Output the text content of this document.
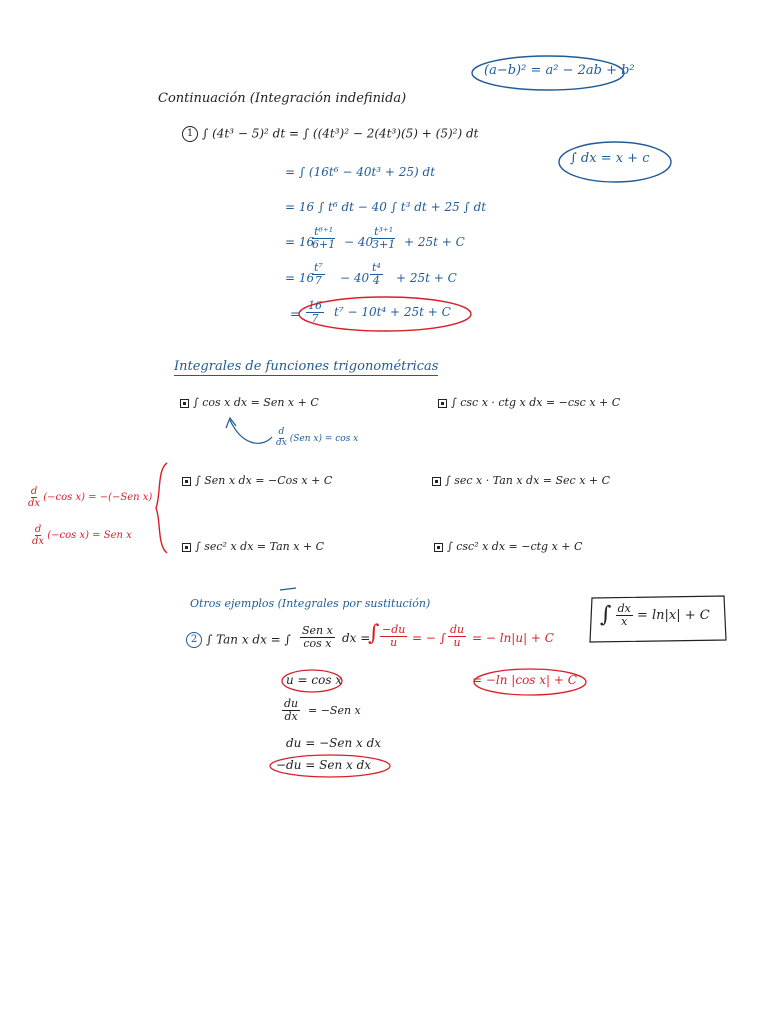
(a−b)² = a² − 2ab + b²
Continuación (Integración indefinida)
∫ dx = x + c
1 ∫ (4t³ − 5)² dt = ∫ ((4t³)² − 2(4t³)(5) + (5)²) dt
= ∫ (16t⁶ − 40t³ + 25) dt
= 16 ∫ t⁶ dt − 40 ∫ t³ dt + 25 ∫ dt
= 16
$\frac{\text{t⁶⁺¹}}{6+1} - 40$
$\frac{\text{t³⁺¹}}{3+1} + 25t + C$
= 16
$\frac{\text{t⁷}}{7} - 40 \frac{\text{t⁴}}{4} + 25t + C$
= $\frac{16}{7} t^7 - 10t^4 + 25t + C$
Integrales de funciones trigonométricas
∫ cos x dx = Sen x + C	∫ csc x · ctg x dx = −csc x + C
$\frac{d}{dx} (Sen$ x) = cos x
∫ Sen x dx = −Cos x + C	∫ sec x · Tan x dx = Sec x + C
$\frac{d}{dx} (-\cos$ x) = −(−Sen x)
$\frac{d}{dx} (-\cos$ x) = Sen x
∫ sec² x dx = Tan x + C	∫ csc² x dx = −ctg x + C
Otros ejemplos (Integrales por sustitución)	∫ $\frac{dx}{x} = \ln|x| + C$
2 ∫ Tan x dx = ∫
Sen x
cos x dx =
∫ $\frac{-du}{u}$ = − ∫ $\frac{du}{u}$ = − ln|u| + C
u = cos x	= −ln |cos x| + C
$\frac{du}{dx} = -Sen$ x
du = −Sen x dx
−du = Sen x dx
